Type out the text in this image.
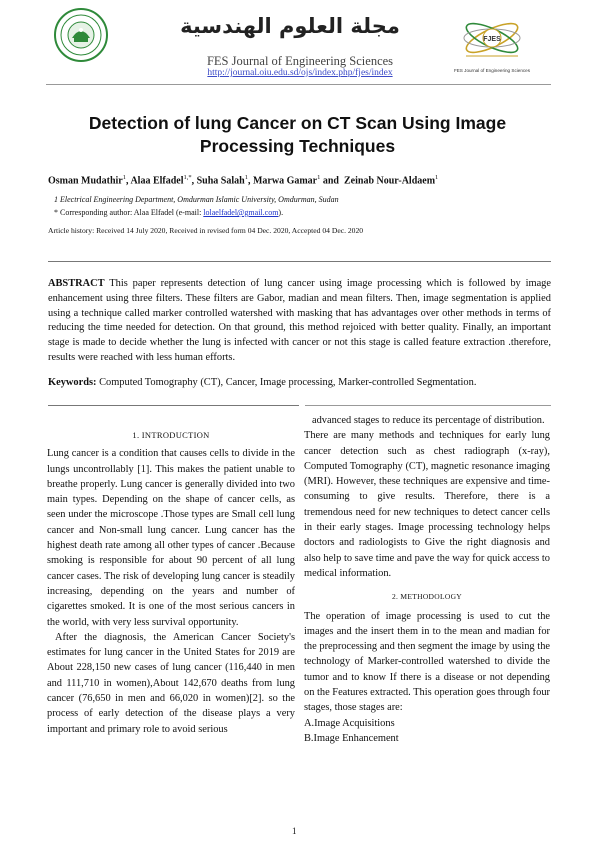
مجلة العلوم الهندسية
FES Journal of Engineering Sciences
http://journal.oiu.edu.sd/ojs/index.php/fjes/index
FJES
FES Journal of Engineering Sciences
Detection of lung Cancer on CT Scan Using Image Processing Techniques
Osman Mudathir$^1$, Alaa Elfadel$^{1,*}$, Suha Salah$^1$, Marwa Gamar$^1$ and  Zeinab Nour-Aldaem$^1$
1 Electrical Engineering Department, Omdurman Islamic University, Omdurman, Sudan
* Corresponding author: Alaa Elfadel (e-mail: lolaelfadel@gmail.com).
Article history: Received 14 July 2020, Received in revised form 04 Dec. 2020, Accepted 04 Dec. 2020
ABSTRACT This paper represents detection of lung cancer using image processing which is followed by image enhancement using three filters. These filters are Gabor, madian and mean filters. Then, image segmentation is applied using a technique called marker controlled watershed with masking that has advantages over other methods in terms of reducing the time needed for detection. On that ground, this method rejoiced with better quality. Finally, an important stage is made to decide whether the lung is infected with cancer or not this stage is called feature extraction .therefore, results were reached with less human efforts.
Keywords: Computed Tomography (CT), Cancer, Image processing, Marker-controlled Segmentation.
1. INTRODUCTION

Lung cancer is a condition that causes cells to divide in the lungs uncontrollably [1]. This makes the patient unable to breathe properly. Lung cancer is generally divided into two main types. Depending on the shape of cancer cells, as seen under the microscope .Those types are Small cell lung cancer and Non-small lung cancer. Lung cancer has the highest death rate among all other types of cancer .Because smoking is responsible for about 90 percent of all lung cancer cases. The risk of developing lung cancer is steadily increasing, depending on the years and number of cigarettes smoked. It is one of the most serious cancers in the world, with very less survival opportunity.

After the diagnosis, the American Cancer Society's estimates for lung cancer in the United States for 2019 are About 228,150 new cases of lung cancer (116,440 in men and 111,710 in women),About 142,670 deaths from lung cancer (76,650 in men and 66,020 in women)[2]. so the process of early detection of the disease plays a very important and primary role to avoid serious

advanced stages to reduce its percentage of distribution.

There are many methods and techniques for early lung cancer detection such as chest radiograph (x-ray), Computed Tomography (CT), magnetic resonance imaging (MRI). However, these techniques are expensive and time-consuming to give results. Therefore, there is a tremendous need for new techniques to detect cancer cells in their early stages. Image processing technology helps doctors and radiologists to Give the right diagnosis and also help to save time and pave the way for quick access to medical information.

2. METHODOLOGY

The operation of image processing is used to cut the images and the insert them in to the mean and madian for the preprocessing and then segment the image by using the technology of Marker-controlled watershed to divide the tumor and to know If there is a disease or not depending on the Features extracted. This operation goes through four stages, those stages are:

A.Image Acquisitions

B.Image Enhancement

1
